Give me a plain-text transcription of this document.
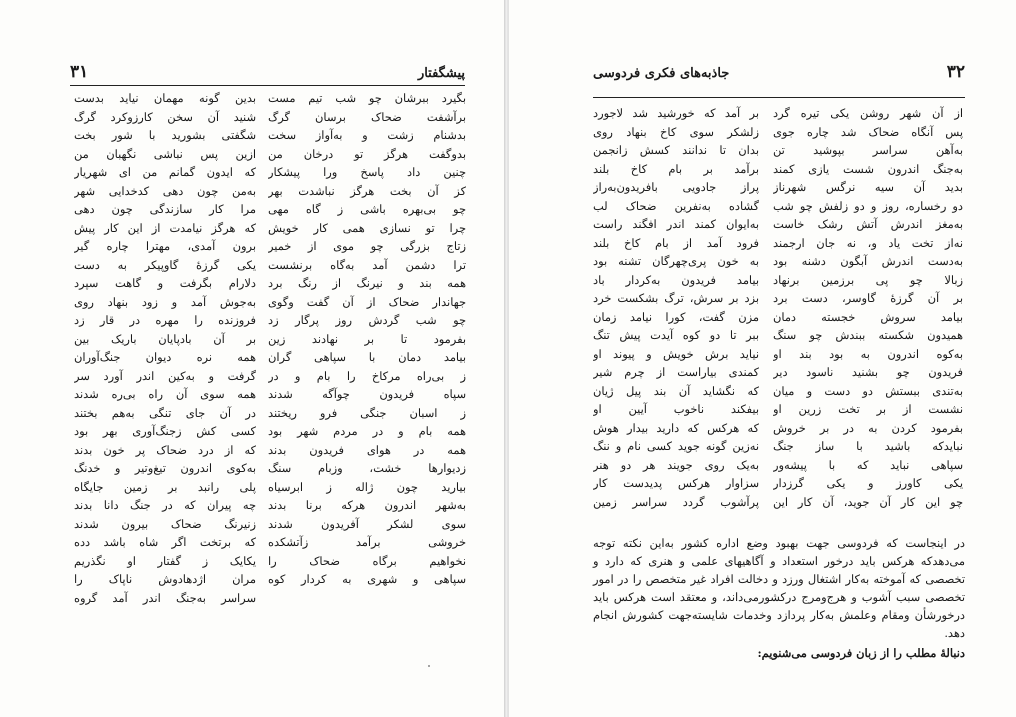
پیشگفتار
۳۱
بگیرد ببرشان چو شب تیم مست
برآشفت ضحاک برسان گرگ
بدشنام زشت و به‌آواز سخت
بدوگفت هرگز تو درخان من
چنین داد پاسخ ورا پیشکار
کز آن بخت هرگز نباشدت بهر
چو بی‌بهره باشی ز گاه مهی
چرا تو نسازی همی کار خویش
زتاج بزرگی چو موی از خمیر
ترا دشمن آمد به‌گاه برنشست
همه بند و نیرنگ از رنگ برد
جهاندار ضحاک از آن گفت وگوی
چو شب گردش روز پرگار زد
بفرمود تا بر نهادند زین
بیامد دمان با سپاهی گران
ز بی‌راه مرکاخ را بام و در
سپاه فریدون چوآگه شدند
ز اسبان جنگی فرو ریختند
همه بام و در مردم شهر بود
همه در هوای فریدون بدند
زدیوارها خشت، وزبام سنگ
بیارید چون ژاله ز ابرسیاه
به‌شهر اندرون هرکه برنا بدند
سوی لشکر آفریدون شدند
خروشی برآمد زآتشکده
نخواهیم برگاه ضحاک را
سپاهی و شهری به کردار کوه
بدین گونه مهمان نیاید بدست
شنید آن سخن کارزوکرد گرگ
شگفتی بشورید با شور بخت
ازین پس نباشی نگهبان من
که ایدون گمانم من ای شهریار
به‌من چون دهی کدخدایی شهر
مرا کار سازندگی چون دهی
که هرگز نیامدت از این کار پیش
برون آمدی، مهترا چاره گیر
یکی گرزهٔ گاوپیکر به دست
دلارام بگرفت و گاهت سپرد
به‌جوش آمد و زود بنهاد روی
فروزنده را مهره در قار زد
بر آن بادپایان باریک بین
همه نره دیوان جنگ‌آوران
گرفت و به‌کین اندر آورد سر
همه سوی آن راه بی‌ره شدند
در آن جای تنگی به‌هم بختند
کسی کش زجنگ‌آوری بهر بود
که از درد ضحاک پر خون بدند
به‌کوی اندرون تیغ‌وتیر و خدنگ
پلی رانبد بر زمین جایگاه
چه پیران که در جنگ دانا بدند
زنیرنگ ضحاک بیرون شدند
که برتخت اگر شاه باشد دده
یکایک ز گفتار او نگذریم
مران اژدهادوش ناپاک را
سراسر به‌جنگ اندر آمد گروه
۳۲
جاذبه‌های فکری فردوسی
از آن شهر روشن یکی تیره گرد
پس آنگاه ضحاک شد چاره جوی
به‌آهن سراسر بپوشید تن
به‌جنگ اندرون شست یازی کمند
بدید آن سیه نرگس شهرناز
دو رخساره، روز و دو زلفش چو شب
به‌مغز اندرش آتش رشک خاست
نه‌از تخت یاد و، نه جان ارجمند
به‌دست اندرش آبگون دشنه بود
زبالا چو پی برزمین برنهاد
بر آن گرزهٔ گاوسر، دست برد
بیامد سروش خجسته دمان
همیدون شکسته ببندش چو سنگ
به‌کوه اندرون به بود بند او
فریدون چو بشنید ناسود دیر
به‌تندی ببستش دو دست و میان
نشست از بر تخت زرین او
بفرمود کردن به در بر خروش
نبایدکه باشید با ساز جنگ
سپاهی نباید که با پیشه‌ور
یکی کاورز و یکی گرزدار
چو این کار آن جوید، آن کار این
بر آمد که خورشید شد لاجورد
زلشکر سوی کاخ بنهاد روی
بدان تا ندانند کسش زانجمن
برآمد بر بام کاخ بلند
پراز جادویی بافریدون‌به‌راز
گشاده به‌نفرین ضحاک لب
به‌ایوان کمند اندر افگند راست
فرود آمد از بام کاخ بلند
به خون پری‌چهرگان تشنه بود
بیامد فریدون به‌کردار باد
بزد بر سرش، ترگ بشکست خرد
مزن گفت، کورا نیامد زمان
ببر تا دو کوه آیدت پیش تنگ
نیاید برش خویش و پیوند او
کمندی بیاراست از چرم شیر
که نگشاید آن بند پیل ژیان
بیفکند ناخوب آیین او
که هرکس که دارید بیدار هوش
نه‌زین گونه جوید کسی نام و ننگ
به‌یک روی جویند هر دو هنر
سزاوار هرکس پدیدست کار
پرآشوب گردد سراسر زمین

در اینجاست که فردوسی جهت بهبود وضع اداره کشور به‌این نکته توجه

می‌دهدکه هرکس باید درخور استعداد و آگاهیهای علمی و هنری که دارد و

تخصصی که آموخته به‌کار اشتغال ورزد و دخالت افراد غیر متخصص را در امور

تخصصی سبب آشوب و هرج‌ومرج درکشورمی‌داند، و معتقد است هرکس باید

درخورشأن ومقام وعلمش به‌کار پردازد وخدمات شایسته‌جهت کشورش انجام دهد.

دنبالهٔ مطلب را از زبان فردوسی می‌شنویم:
